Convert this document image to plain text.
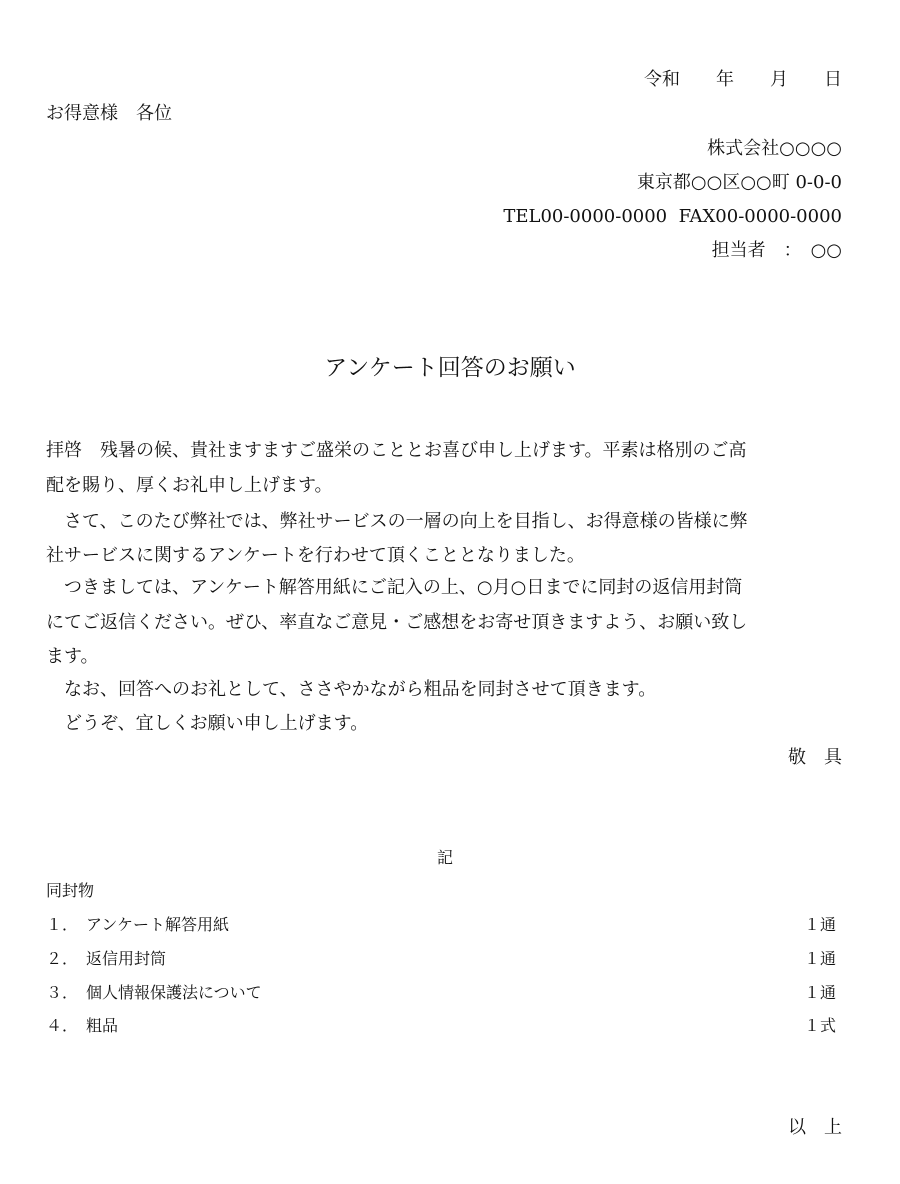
令和　　年　　月　　日
お得意様　各位
株式会社○○○○
東京都○○区○○町 0-0-0
TEL00-0000-0000  FAX00-0000-0000
担当者　：　○○
アンケート回答のお願い
拝啓　残暑の候、貴社ますますご盛栄のこととお喜び申し上げます。平素は格別のご高
配を賜り、厚くお礼申し上げます。
　さて、このたび弊社では、弊社サービスの一層の向上を目指し、お得意様の皆様に弊
社サービスに関するアンケートを行わせて頂くこととなりました。
　つきましては、アンケート解答用紙にご記入の上、○月○日までに同封の返信用封筒
にてご返信ください。ぜひ、率直なご意見・ご感想をお寄せ頂きますよう、お願い致し
ます。
　なお、回答へのお礼として、ささやかながら粗品を同封させて頂きます。
　どうぞ、宜しくお願い申し上げます。
敬　具
記
同封物
１． アンケート解答用紙	１通
２． 返信用封筒	１通
３． 個人情報保護法について	１通
４． 粗品	１式
以　上
